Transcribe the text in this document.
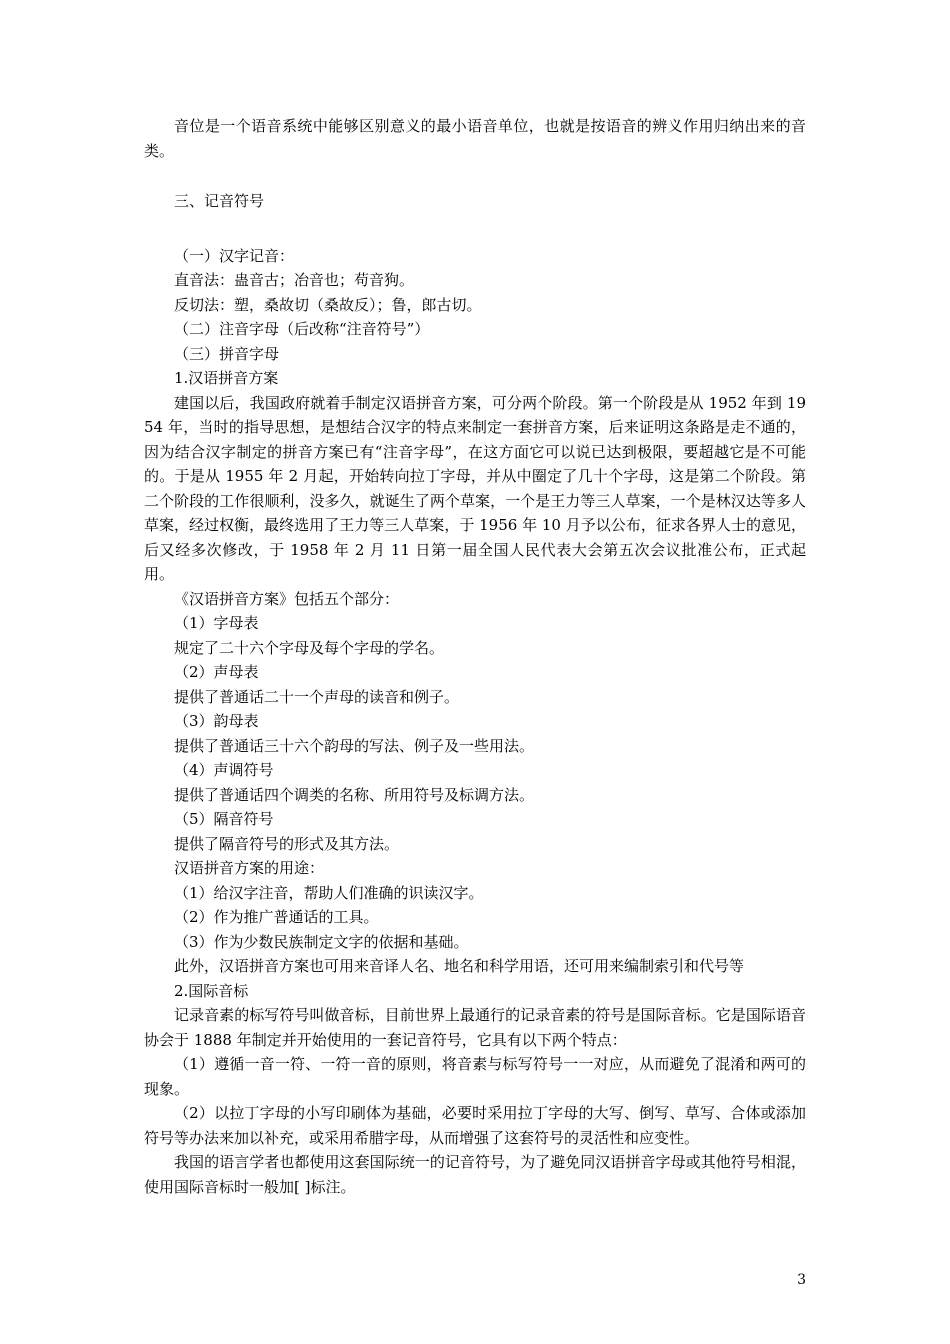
音位是一个语音系统中能够区别意义的最小语音单位，也就是按语音的辨义作用归纳出来的音类。

三、记音符号

（一）汉字记音：

直音法：蛊音古；冶音也；苟音狗。

反切法：塑，桑故切（桑故反）；鲁，郎古切。

（二）注音字母（后改称“注音符号”）

（三）拼音字母

1.汉语拼音方案

建国以后，我国政府就着手制定汉语拼音方案，可分两个阶段。第一个阶段是从 1952 年到 1954 年，当时的指导思想，是想结合汉字的特点来制定一套拼音方案，后来证明这条路是走不通的，因为结合汉字制定的拼音方案已有“注音字母”，在这方面它可以说已达到极限，要超越它是不可能的。于是从 1955 年 2 月起，开始转向拉丁字母，并从中圈定了几十个字母，这是第二个阶段。第二个阶段的工作很顺利，没多久，就诞生了两个草案，一个是王力等三人草案，一个是林汉达等多人草案，经过权衡，最终选用了王力等三人草案，于 1956 年 10 月予以公布，征求各界人士的意见，后又经多次修改，于 1958 年 2 月 11 日第一届全国人民代表大会第五次会议批准公布，正式起用。

《汉语拼音方案》包括五个部分：

（1）字母表

规定了二十六个字母及每个字母的学名。

（2）声母表

提供了普通话二十一个声母的读音和例子。

（3）韵母表

提供了普通话三十六个韵母的写法、例子及一些用法。

（4）声调符号

提供了普通话四个调类的名称、所用符号及标调方法。

（5）隔音符号

提供了隔音符号的形式及其方法。

汉语拼音方案的用途：

（1）给汉字注音，帮助人们准确的识读汉字。

（2）作为推广普通话的工具。

（3）作为少数民族制定文字的依据和基础。

此外，汉语拼音方案也可用来音译人名、地名和科学用语，还可用来编制索引和代号等

2.国际音标

记录音素的标写符号叫做音标，目前世界上最通行的记录音素的符号是国际音标。它是国际语音协会于 1888 年制定并开始使用的一套记音符号，它具有以下两个特点：

（1）遵循一音一符、一符一音的原则，将音素与标写符号一一对应，从而避免了混淆和两可的现象。

（2）以拉丁字母的小写印刷体为基础，必要时采用拉丁字母的大写、倒写、草写、合体或添加符号等办法来加以补充，或采用希腊字母，从而增强了这套符号的灵活性和应变性。

我国的语言学者也都使用这套国际统一的记音符号，为了避免同汉语拼音字母或其他符号相混，使用国际音标时一般加[ ]标注。

3
